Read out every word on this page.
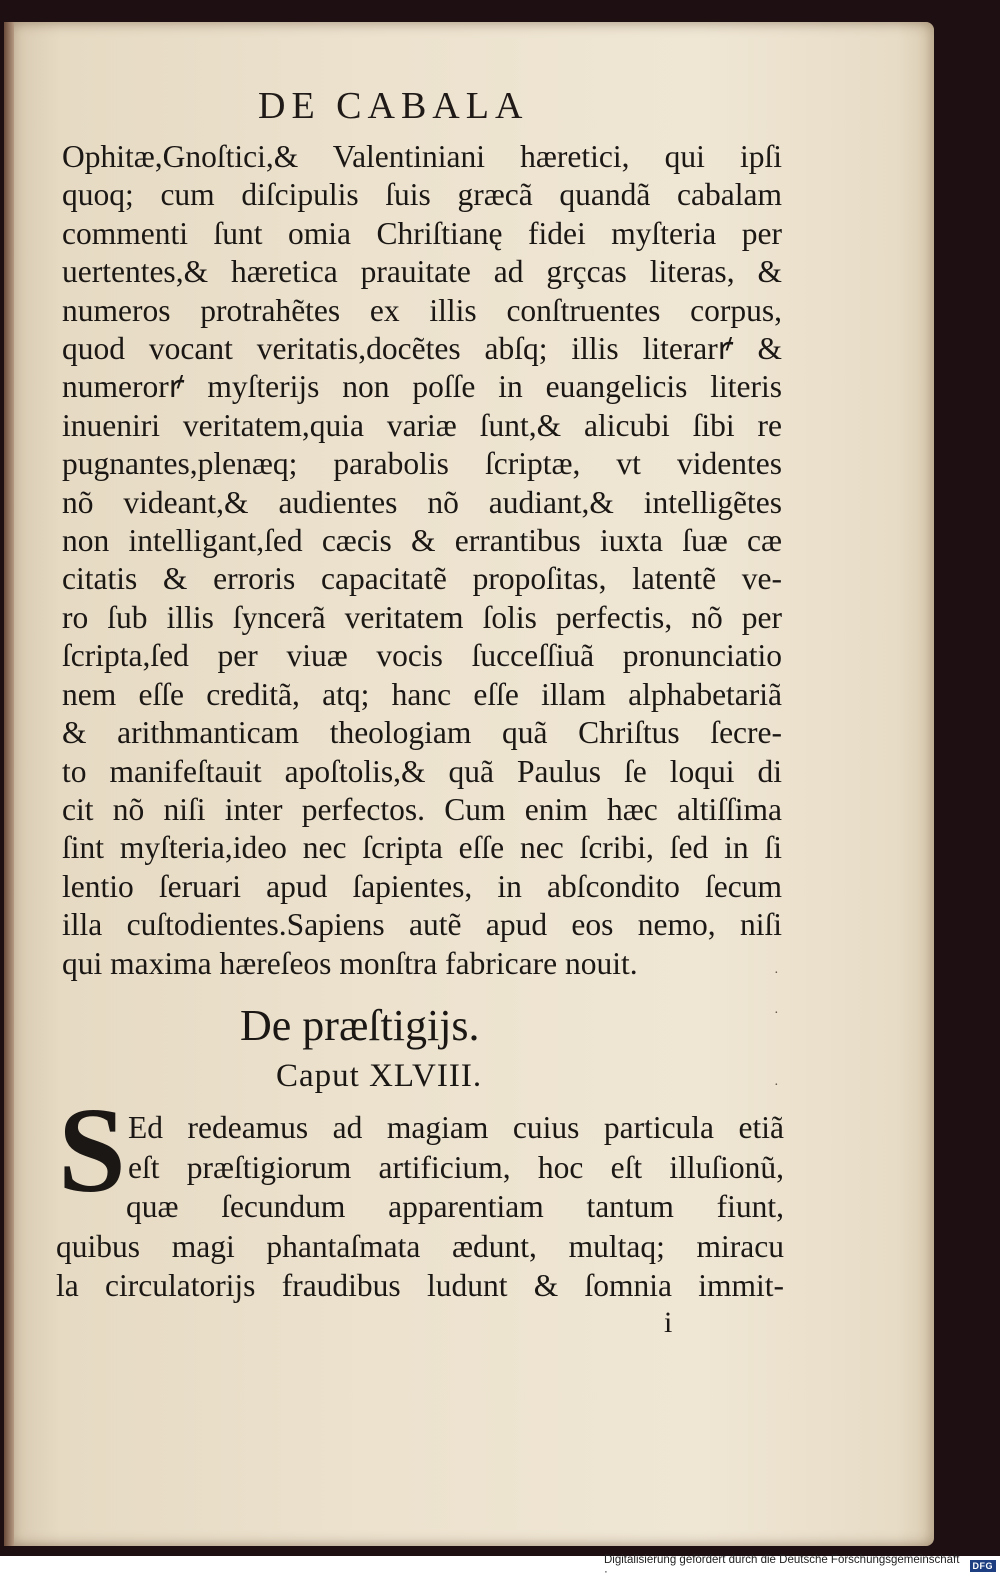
DE CABALA
Ophitæ,Gnoſtici,& Valentiniani hæretici, qui ipſi
quoq; cum diſcipulis ſuis græcã quandã cabalam
commenti ſunt omia Chriſtianę fidei myſteria per
uertentes,& hæretica prauitate ad grçcas literas, &
numeros protrahẽtes ex illis conſtruentes corpus,
quod vocant veritatis,docẽtes abſq; illis literarꝵ &
numerorꝵ myſterijs non poſſe in euangelicis literis
inueniri veritatem,quia variæ ſunt,& alicubi ſibi re
pugnantes,plenæq; parabolis ſcriptæ, vt videntes
nõ videant,& audientes nõ audiant,& intelligẽtes
non intelligant,ſed cæcis & errantibus iuxta ſuæ cæ
citatis & erroris capacitatẽ propoſitas, latentẽ ve-
ro ſub illis ſyncerã veritatem ſolis perfectis, nõ per
ſcripta,ſed per viuæ vocis ſucceſſiuã pronunciatio
nem eſſe creditã, atq; hanc eſſe illam alphabetariã
& arithmanticam theologiam quã Chriſtus ſecre-
to manifeſtauit apoſtolis,& quã Paulus ſe loqui di
cit nõ niſi inter perfectos. Cum enim hæc altiſſima
ſint myſteria,ideo nec ſcripta eſſe nec ſcribi, ſed in ſi
lentio ſeruari apud ſapientes, in abſcondito ſecum
illa cuſtodientes.Sapiens autẽ apud eos nemo, niſi
qui maxima hæreſeos monſtra fabricare nouit.
De præſtigijs.
Caput XLVIII.
S Ed redeamus ad magiam cuius particula etiã
eſt præſtigiorum artificium, hoc eſt illuſionũ,
quæ ſecundum apparentiam tantum fiunt,
quibus magi phantaſmata ædunt, multaq; miracu
la circulatorijs fraudibus ludunt & ſomnia immit-
i
·
·
·
Digitalisierung gefördert durch die Deutsche Forschungsgemeinschaft ·	DFG
